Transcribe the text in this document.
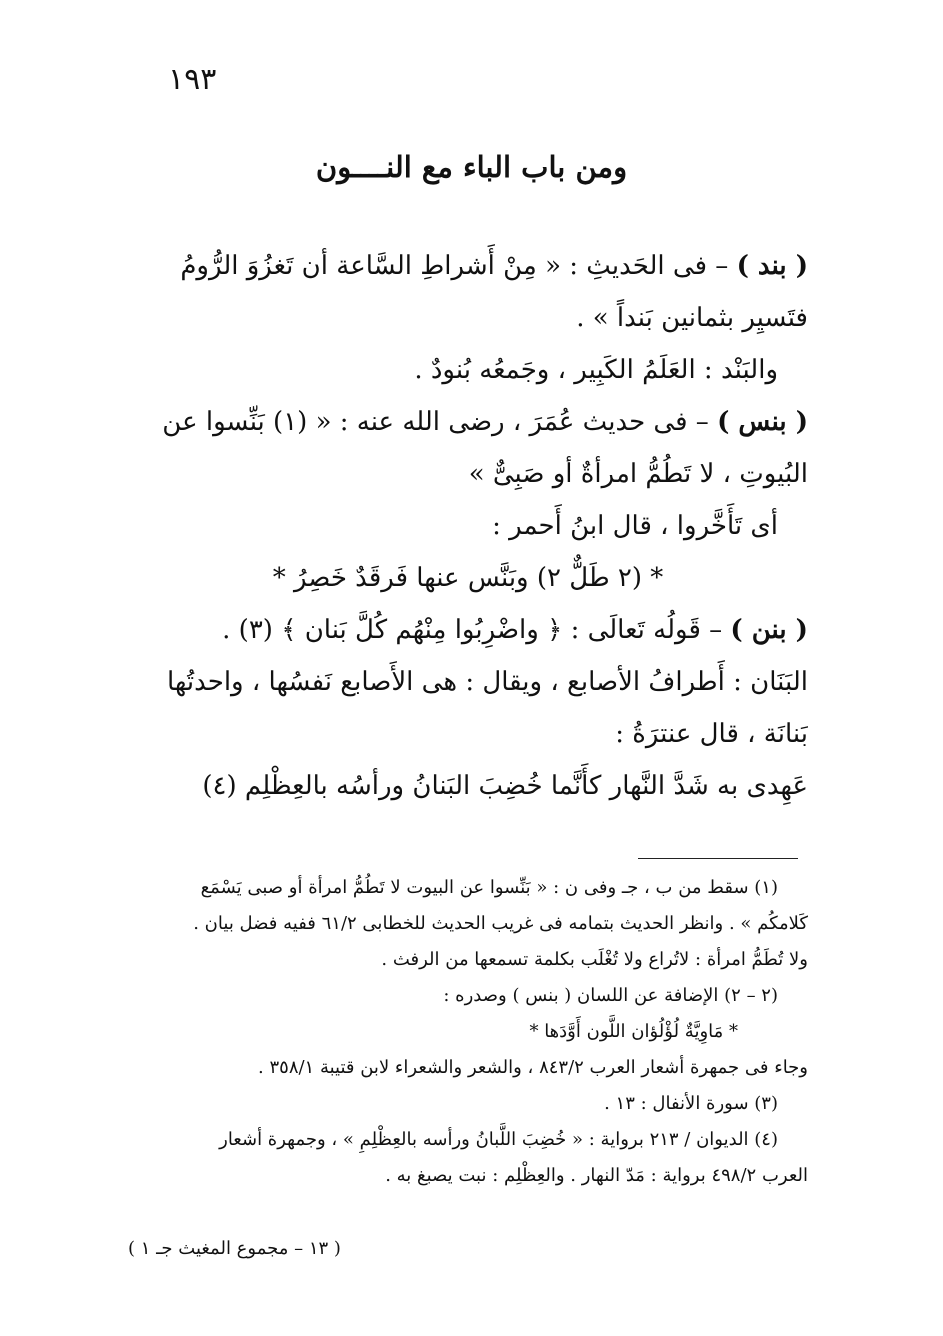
١٩٣
ومن باب الباء مع النــــون
( بند ) – فى الحَديثِ : « مِنْ أَشراطِ السَّاعة أن تَغزُوَ الرُّومُ
فتَسيِر بثمانين بَنداً » .
والبَنْد : العَلَمُ الكَبِير ، وجَمعُه بُنودٌ .
( بنس ) – فى حديث عُمَرَ ، رضى الله عنه : « (١) بَنِّسوا عن
البُيوتِ ، لا تَطُمُّ امرأةٌ أو صَبِىٌّ »
أى تَأَخَّروا ، قال ابنُ أَحمر :
* (٢ طَلٌّ ٢) وبَنَّس عنها فَرقَدٌ خَصِرُ *
( بنن ) – قَولُه تَعالَى : ﴿ واضْرِبُوا مِنْهُم كُلَّ بَنان ﴾ (٣) .
البَنَان : أَطرافُ الأصابع ، ويقال : هى الأَصابع نَفسُها ، واحدتُها
بَنانَة ، قال عنترَةُ :
عَهِدى به شَدَّ النَّهار كأَنَّما خُضِبَ البَنانُ ورأسُه بالعِظْلِم (٤)
(١) سقط من ب ، جـ وفى ن : « بَنِّسوا عن البيوت لا تَطُمُّ امرأة أو صبى يَسْمَع
كَلامكُم » . وانظر الحديث بتمامه فى غريب الحديث للخطابى ٦١/٢ ففيه فضل بيان .
ولا تُطَمُّ امرأة : لاتُراع ولا تُغْلَب بكلمة تسمعها من الرفث .
(٢ – ٢) الإضافة عن اللسان ( بنس ) وصدره :
* مَاوِيَّةٌ لُؤْلُؤان اللَّون أَوَّدَها *
وجاء فى جمهرة أشعار العرب ٨٤٣/٢ ، والشعر والشعراء لابن قتيبة ٣٥٨/١ .
(٣) سورة الأنفال : ١٣ .
(٤) الديوان / ٢١٣ برواية : « خُضِبَ اللَّبانُ ورأسه بالعِظْلِمِ » ، وجمهرة أشعار
العرب ٤٩٨/٢ برواية : مَدّ النهار . والعِظْلِم : نبت يصبغ به .
( ١٣ – مجموع المغيث جـ ١ )
